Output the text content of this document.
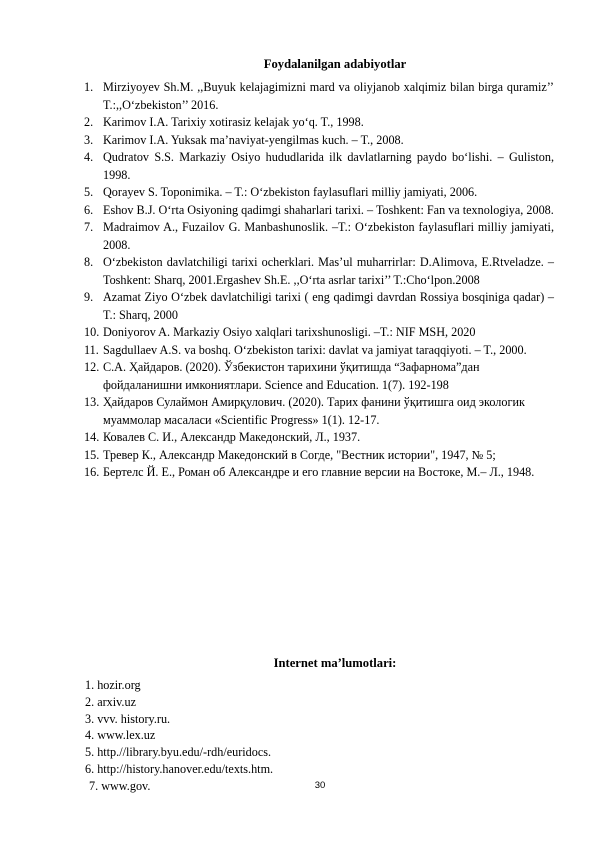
Foydalanilgan adabiyotlar
1. Mirziyoyev Sh.M. ,,Buyuk kelajagimizni mard va oliyjanob xalqimiz bilan birga quramiz’’ T.:,,O‘zbekiston’’ 2016.
2. Karimov I.A. Tarixiy xotirasiz kelajak yo‘q. T., 1998.
3. Karimov I.A. Yuksak ma’naviyat-yengilmas kuch. – T., 2008.
4. Qudratov S.S. Markaziy Osiyo hududlarida ilk davlatlarning paydo bo‘lishi. – Guliston, 1998.
5. Qorayev S. Toponimika. – T.: O‘zbekiston faylasuflari milliy jamiyati, 2006.
6. Eshov B.J. O‘rta Osiyoning qadimgi shaharlari tarixi. – Toshkent: Fan va texnologiya, 2008.
7. Madraimov A., Fuzailov G. Manbashunoslik. –T.: O‘zbekiston faylasuflari milliy jamiyati, 2008.
8. O‘zbekiston davlatchiligi tarixi ocherklari. Mas’ul muharrirlar: D.Alimova, E.Rtveladze. – Toshkent: Sharq, 2001.Ergashev Sh.E. ,,O‘rta asrlar tarixi’’ T.:Cho‘lpon.2008
9. Azamat Ziyo O‘zbek davlatchiligi tarixi ( eng qadimgi davrdan Rossiya bosqiniga qadar) –T.: Sharq, 2000
10. Doniyorov A. Markaziy Osiyo xalqlari tarixshunosligi. –T.: NIF MSH, 2020
11. Sagdullaev A.S. va boshq. O‘zbekiston tarixi: davlat va jamiyat taraqqiyoti. – T., 2000.
12. С.А. Ҳайдаров. (2020). Ўзбекистон тарихини ўқитишда “Зафарнома”дан фойдаланишни имкониятлари. Science and Education. 1(7). 192-198
13. Ҳайдаров Сулаймон Амирқулович. (2020). Тарих фанини ўқитишга оид экологик муаммолар масаласи «Scientific Progress» 1(1). 12-17.
14. Ковалев С. И., Александр Македонский, Л., 1937.
15. Тревер К., Александр Македонский в Согде, "Вестник истории", 1947, № 5;
16. Бертелс Й. Е., Роман об Александре и его главние версии на Востоке, М.– Л., 1948.
Internet ma’lumotlari:
1. hozir.org
2. arxiv.uz
3. vvv. history.ru.
4. www.lex.uz
5. http.//library.byu.edu/-rdh/euridocs.
6. http://history.hanover.edu/texts.htm.
7. www.gov.	30
